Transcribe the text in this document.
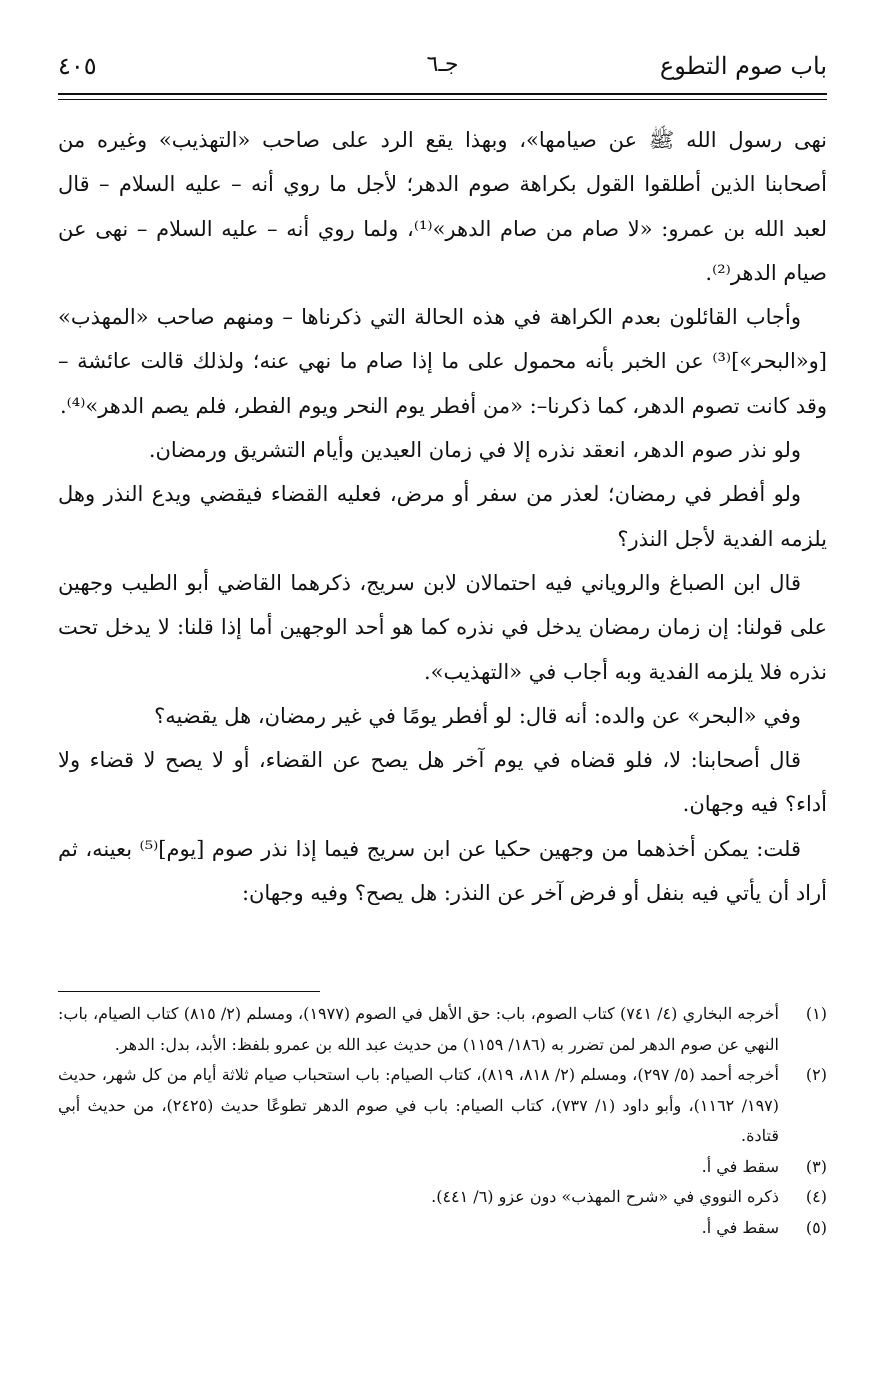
باب صوم التطوع
جـ٦
٤٠٥

نهى رسول الله ﷺ عن صيامها»، وبهذا يقع الرد على صاحب «التهذيب» وغيره من أصحابنا الذين أطلقوا القول بكراهة صوم الدهر؛ لأجل ما روي أنه – عليه السلام – قال لعبد الله بن عمرو: «لا صام من صام الدهر»⁽¹⁾، ولما روي أنه – عليه السلام – نهى عن صيام الدهر⁽²⁾.

وأجاب القائلون بعدم الكراهة في هذه الحالة التي ذكرناها – ومنهم صاحب «المهذب» [و«البحر»]⁽³⁾ عن الخبر بأنه محمول على ما إذا صام ما نهي عنه؛ ولذلك قالت عائشة – وقد كانت تصوم الدهر، كما ذكرنا–: «من أفطر يوم النحر ويوم الفطر، فلم يصم الدهر»⁽⁴⁾.

ولو نذر صوم الدهر، انعقد نذره إلا في زمان العيدين وأيام التشريق ورمضان.

ولو أفطر في رمضان؛ لعذر من سفر أو مرض، فعليه القضاء فيقضي ويدع النذر وهل يلزمه الفدية لأجل النذر؟

قال ابن الصباغ والروياني فيه احتمالان لابن سريج، ذكرهما القاضي أبو الطيب وجهين على قولنا: إن زمان رمضان يدخل في نذره كما هو أحد الوجهين أما إذا قلنا: لا يدخل تحت نذره فلا يلزمه الفدية وبه أجاب في «التهذيب».

وفي «البحر» عن والده: أنه قال: لو أفطر يومًا في غير رمضان، هل يقضيه؟

قال أصحابنا: لا، فلو قضاه في يوم آخر هل يصح عن القضاء، أو لا يصح لا قضاء ولا أداء؟ فيه وجهان.

قلت: يمكن أخذهما من وجهين حكيا عن ابن سريج فيما إذا نذر صوم [يوم]⁽⁵⁾ بعينه، ثم أراد أن يأتي فيه بنفل أو فرض آخر عن النذر: هل يصح؟ وفيه وجهان:

(١)
أخرجه البخاري (٤/ ٧٤١) كتاب الصوم، باب: حق الأهل في الصوم (١٩٧٧)، ومسلم (٢/ ٨١٥) كتاب الصيام، باب: النهي عن صوم الدهر لمن تضرر به (١٨٦/ ١١٥٩) من حديث عبد الله بن عمرو بلفظ: الأبد، بدل: الدهر.

(٢)
أخرجه أحمد (٥/ ٢٩٧)، ومسلم (٢/ ٨١٨، ٨١٩)، كتاب الصيام: باب استحباب صيام ثلاثة أيام من كل شهر، حديث (١٩٧/ ١١٦٢)، وأبو داود (١/ ٧٣٧)، كتاب الصيام: باب في صوم الدهر تطوعًا حديث (٢٤٢٥)، من حديث أبي قتادة.

(٣)
سقط في أ.

(٤)
ذكره النووي في «شرح المهذب» دون عزو (٦/ ٤٤١).

(٥)
سقط في أ.
